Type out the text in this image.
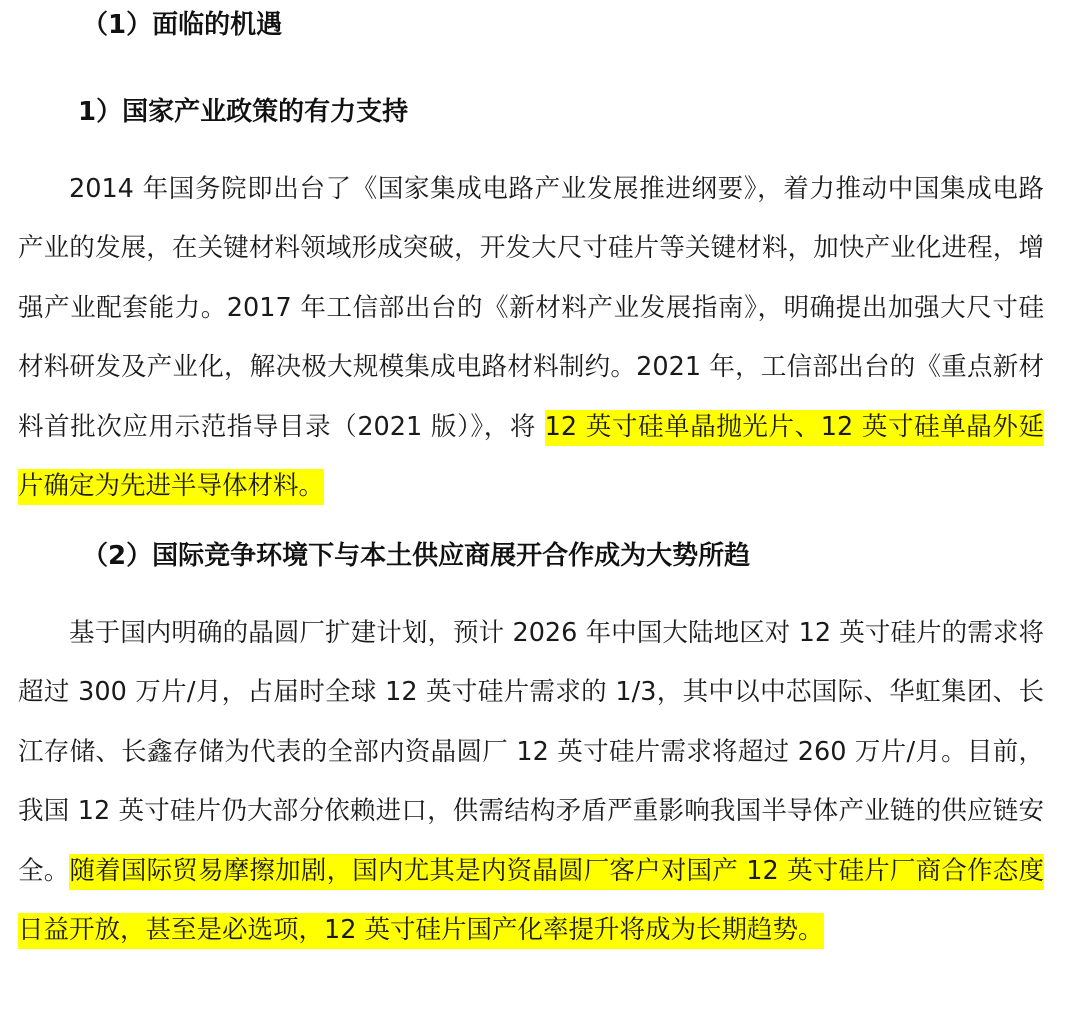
（1）面临的机遇
1）国家产业政策的有力支持

2014 年国务院即出台了《国家集成电路产业发展推进纲要》，着力推动中国集成电路产业的发展，在关键材料领域形成突破，开发大尺寸硅片等关键材料，加快产业化进程，增强产业配套能力。2017 年工信部出台的《新材料产业发展指南》，明确提出加强大尺寸硅材料研发及产业化，解决极大规模集成电路材料制约。2021 年，工信部出台的《重点新材料首批次应用示范指导目录（2021 版）》，将 12 英寸硅单晶抛光片、12 英寸硅单晶外延片确定为先进半导体材料。

（2）国际竞争环境下与本土供应商展开合作成为大势所趋

基于国内明确的晶圆厂扩建计划，预计 2026 年中国大陆地区对 12 英寸硅片的需求将超过 300 万片/月，占届时全球 12 英寸硅片需求的 1/3，其中以中芯国际、华虹集团、长江存储、长鑫存储为代表的全部内资晶圆厂 12 英寸硅片需求将超过 260 万片/月。目前，我国 12 英寸硅片仍大部分依赖进口，供需结构矛盾严重影响我国半导体产业链的供应链安全。随着国际贸易摩擦加剧，国内尤其是内资晶圆厂客户对国产 12 英寸硅片厂商合作态度日益开放，甚至是必选项，12 英寸硅片国产化率提升将成为长期趋势。
